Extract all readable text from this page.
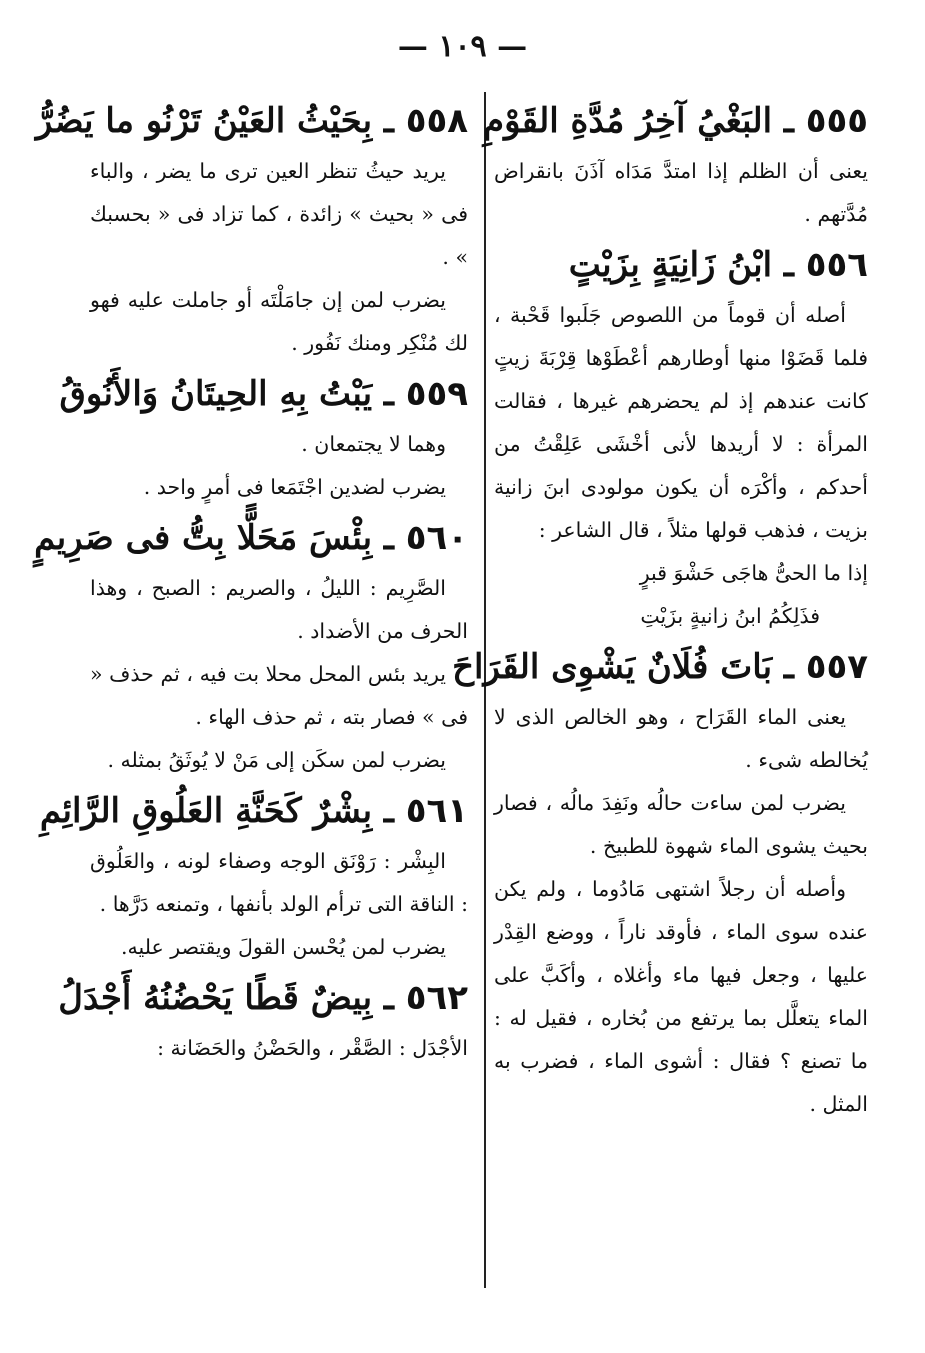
— ١٠٩ —
٥٥٥ ـ البَغْيُ آخِرُ مُدَّةِ القَوْمِ

يعنى أن الظلم إذا امتدَّ مَدَاه آذَنَ بانقراض مُدَّتهم .

٥٥٦ ـ ابْنُ زَانِيَةٍ بِزَيْتٍ

أصله أن قوماً من اللصوص جَلَبوا قَحْبة ، فلما قَضَوْا منها أوطارهم أعْطَوْها قِرْبَةَ زيتٍ كانت عندهم إذ لم يحضرهم غيرها ، فقالت المرأة : لا أريدها لأنى أخْشَى عَلِقْتُ من أحدكم ، وأكْرَه أن يكون مولودى ابنَ زانية بزيت ، فذهب قولها مثلاً ، قال الشاعر :

إذا ما الحىُّ هاجَى حَشْوَ قبرٍ

فذَلِكُمُ ابنُ زانيةٍ بزَيْتِ

٥٥٧ ـ بَاتَ فُلَانٌ يَشْوِى القَرَاحَ

يعنى الماء القَرَاح ، وهو الخالص الذى لا يُخالطه شىء .

يضرب لمن ساءت حالُه ونَفِدَ مالُه ، فصار بحيث يشوى الماء شهوة للطبيخ .

وأصله أن رجلاً اشتهى مَادُوما ، ولم يكن عنده سوى الماء ، فأوقد ناراً ، ووضع القِدْر عليها ، وجعل فيها ماء وأغلاه ، وأكَبَّ على الماء يتعلَّل بما يرتفع من بُخاره ، فقيل له : ما تصنع ؟ فقال : أشوى الماء ، فضرب به المثل .

٥٥٨ ـ بِحَيْثُ العَيْنُ تَرْنُو ما يَضُرُّ

يريد حيثُ تنظر العين ترى ما يضر ، والباء فى « بحيث » زائدة ، كما تزاد فى « بحسبك » .

يضرب لمن إن جامَلْتَه أو جاملت عليه فهو لك مُنْكِر ومنك نَفُور .

٥٥٩ ـ يَبْتُ بِهِ الحِيتَانُ وَالأَنُوقُ

وهما لا يجتمعان .

يضرب لضدين اجْتَمَعا فى أمرٍ واحد .

٥٦٠ ـ بِئْسَ مَحَلًّا بِتُّ فى صَرِيمٍ

الصَّرِيم : الليلُ ، والصريم : الصبح ، وهذا الحرف من الأضداد .

يريد بئس المحل محلا بت فيه ، ثم حذف « فى » فصار بته ، ثم حذف الهاء .

يضرب لمن سكَن إلى مَنْ لا يُوثَقُ بمثله .

٥٦١ ـ بِشْرٌ كَحَنَّةِ العَلُوقِ الرَّائِمِ

البِشْر : رَوْنَق الوجه وصفاء لونه ، والعَلُوق : الناقة التى ترأم الولد بأنفها ، وتمنعه دَرَّها .

يضرب لمن يُحْسن القولَ ويقتصر عليه.

٥٦٢ ـ بِيضٌ قَطًا يَحْضُنُهُ أَجْدَلُ

الأجْدَل : الصَّقْر ، والحَضْنُ والحَضَانة :
